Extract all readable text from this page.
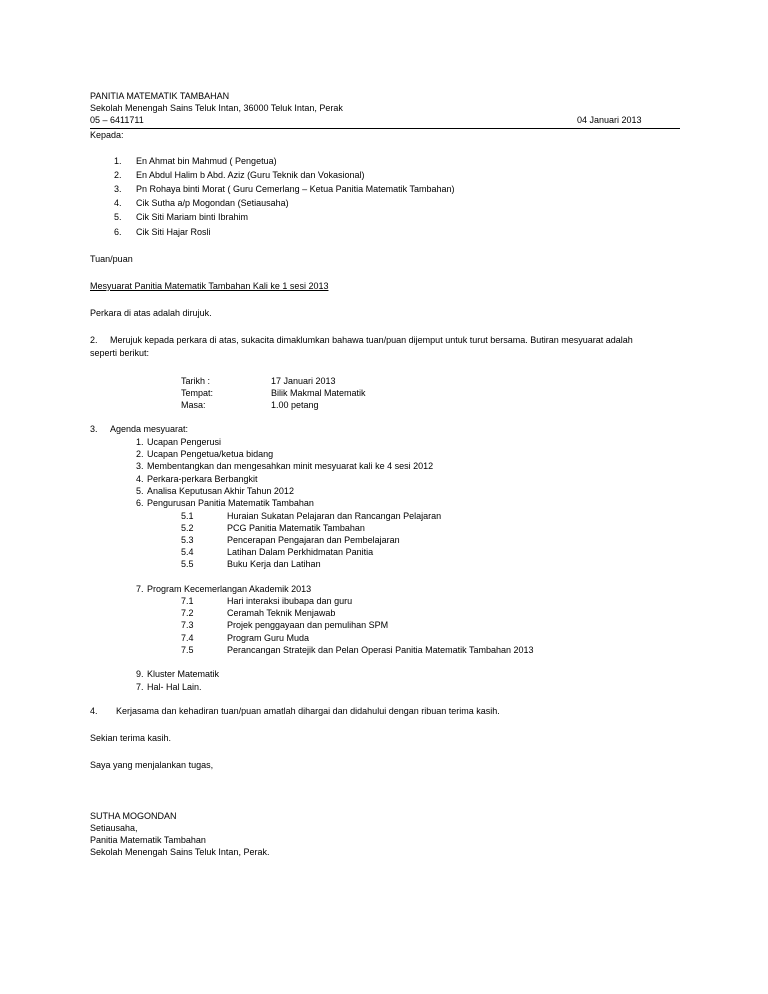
PANITIA MATEMATIK TAMBAHAN
Sekolah Menengah Sains Teluk Intan, 36000 Teluk Intan, Perak
05 – 6411711	04 Januari 2013
Kepada:
1. En Ahmat bin Mahmud ( Pengetua)
2. En Abdul Halim b Abd. Aziz (Guru Teknik dan Vokasional)
3. Pn Rohaya binti Morat ( Guru Cemerlang – Ketua Panitia Matematik Tambahan)
4. Cik Sutha a/p Mogondan (Setiausaha)
5. Cik Siti Mariam binti Ibrahim
6. Cik Siti Hajar Rosli
Tuan/puan
Mesyuarat Panitia Matematik Tambahan Kali ke 1 sesi 2013
Perkara di atas adalah dirujuk.
2. Merujuk kepada perkara di atas, sukacita dimaklumkan bahawa tuan/puan dijemput untuk turut bersama. Butiran mesyuarat adalah
seperti berikut:
Tarikh :	17 Januari 2013
Tempat:	Bilik Makmal Matematik
Masa:	1.00 petang
3. Agenda mesyuarat:
1. Ucapan Pengerusi
2. Ucapan Pengetua/ketua bidang
3. Membentangkan dan mengesahkan minit mesyuarat kali ke 4 sesi 2012
4. Perkara-perkara Berbangkit
5. Analisa Keputusan Akhir Tahun 2012
6. Pengurusan Panitia Matematik Tambahan
5.1	Huraian Sukatan Pelajaran dan Rancangan Pelajaran
5.2	PCG Panitia Matematik Tambahan
5.3	Pencerapan Pengajaran dan Pembelajaran
5.4	Latihan Dalam Perkhidmatan Panitia
5.5	Buku Kerja dan Latihan
7. Program Kecemerlangan Akademik 2013
7.1	Hari interaksi ibubapa dan guru
7.2	Ceramah Teknik Menjawab
7.3	Projek penggayaan dan pemulihan SPM
7.4	Program Guru Muda
7.5	Perancangan Stratejik dan Pelan Operasi Panitia Matematik Tambahan 2013
9. Kluster Matematik
7. Hal- Hal Lain.
4. Kerjasama dan kehadiran tuan/puan amatlah dihargai dan didahului dengan ribuan terima kasih.
Sekian terima kasih.
Saya yang menjalankan tugas,
SUTHA MOGONDAN
Setiausaha,
Panitia Matematik Tambahan
Sekolah Menengah Sains Teluk Intan, Perak.
